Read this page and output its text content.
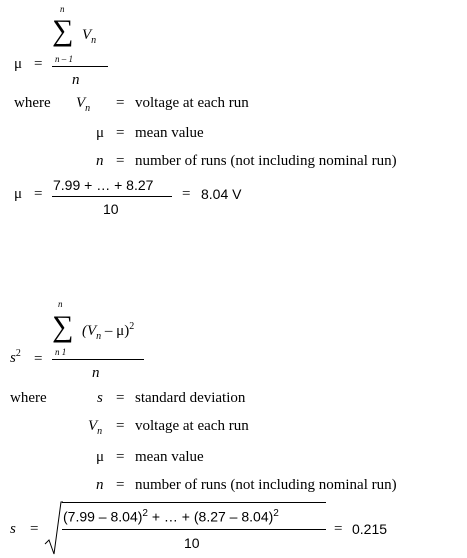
n
∑ $V_n$
n – 1
μ =
n
where $V_n$ = voltage at each run
μ = mean value
n = number of runs (not including nominal run)
μ =
7.99 + … + 8.27
10
= 8.04 V
n
∑ $(V_n - \mu)^2$
n 1
$s^2$ =
n
where	s = standard deviation
$V_n$ = voltage at each run
μ = mean value
n = number of runs (not including nominal run)
s =
(7.99 – 8.04)$^2$ + … + (8.27 – 8.04)$^2$
10
= 0.215
